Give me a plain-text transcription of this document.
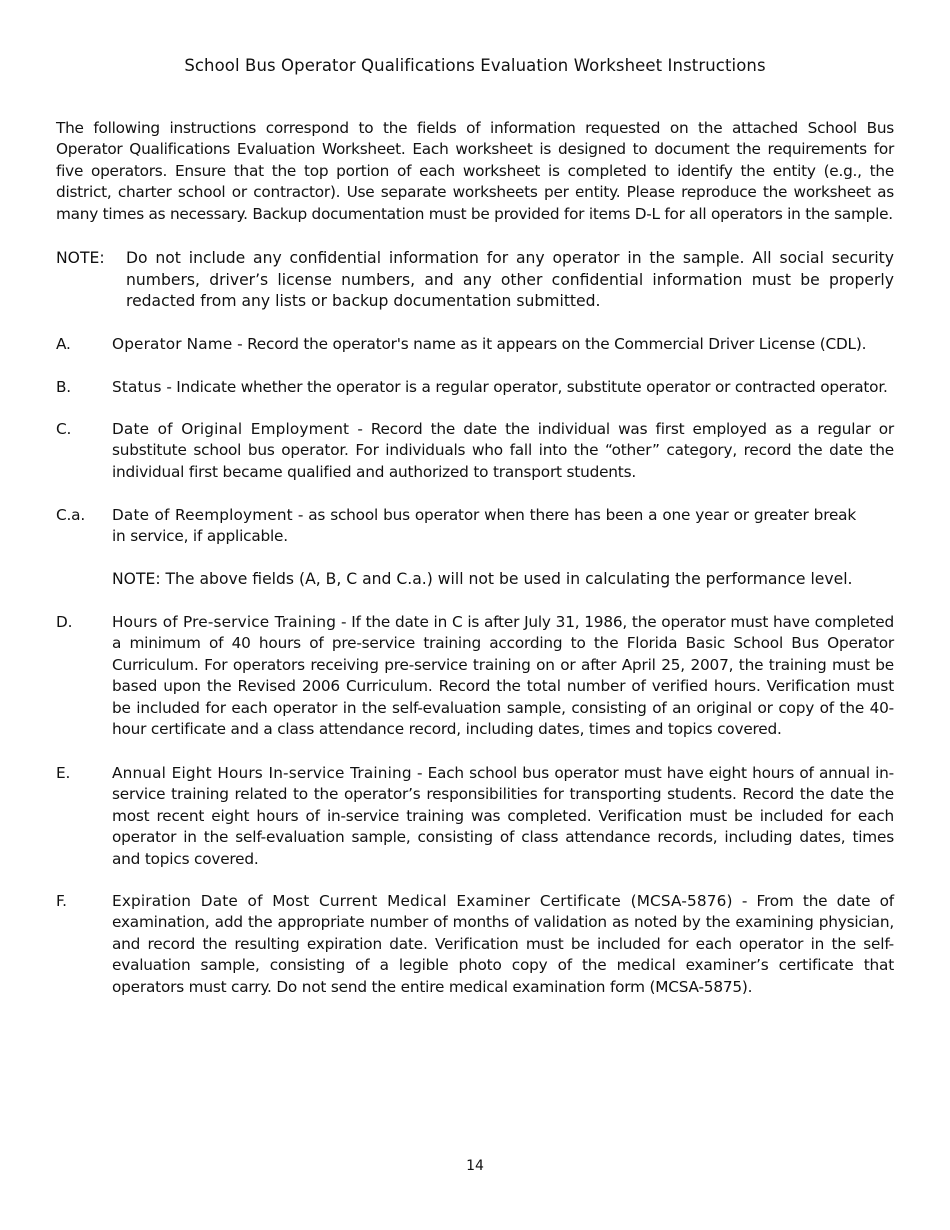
School Bus Operator Qualifications Evaluation Worksheet Instructions
The following instructions correspond to the fields of information requested on the attached School Bus Operator Qualifications Evaluation Worksheet. Each worksheet is designed to document the requirements for five operators. Ensure that the top portion of each worksheet is completed to identify the entity (e.g., the district, charter school or contractor). Use separate worksheets per entity. Please reproduce the worksheet as many times as necessary. Backup documentation must be provided for items D-L for all operators in the sample.
NOTE: Do not include any confidential information for any operator in the sample. All social security numbers, driver’s license numbers, and any other confidential information must be properly redacted from any lists or backup documentation submitted.
A.	Operator Name - Record the operator's name as it appears on the Commercial Driver License (CDL).
B.	Status - Indicate whether the operator is a regular operator, substitute operator or contracted operator.
C.	Date of Original Employment - Record the date the individual was first employed as a regular or substitute school bus operator. For individuals who fall into the “other” category, record the date the individual first became qualified and authorized to transport students.
C.a. Date of Reemployment - as school bus operator when there has been a one year or greater break in service, if applicable.
NOTE: The above fields (A, B, C and C.a.) will not be used in calculating the performance level.
D.	Hours of Pre-service Training - If the date in C is after July 31, 1986, the operator must have completed a minimum of 40 hours of pre-service training according to the Florida Basic School Bus Operator Curriculum. For operators receiving pre-service training on or after April 25, 2007, the training must be based upon the Revised 2006 Curriculum. Record the total number of verified hours. Verification must be included for each operator in the self-evaluation sample, consisting of an original or copy of the 40-hour certificate and a class attendance record, including dates, times and topics covered.
E.	Annual Eight Hours In-service Training - Each school bus operator must have eight hours of annual in-service training related to the operator’s responsibilities for transporting students. Record the date the most recent eight hours of in-service training was completed. Verification must be included for each operator in the self-evaluation sample, consisting of class attendance records, including dates, times and topics covered.
F.	Expiration Date of Most Current Medical Examiner Certificate (MCSA-5876) - From the date of examination, add the appropriate number of months of validation as noted by the examining physician, and record the resulting expiration date. Verification must be included for each operator in the self-evaluation sample, consisting of a legible photo copy of the medical examiner’s certificate that operators must carry. Do not send the entire medical examination form (MCSA-5875).
14
